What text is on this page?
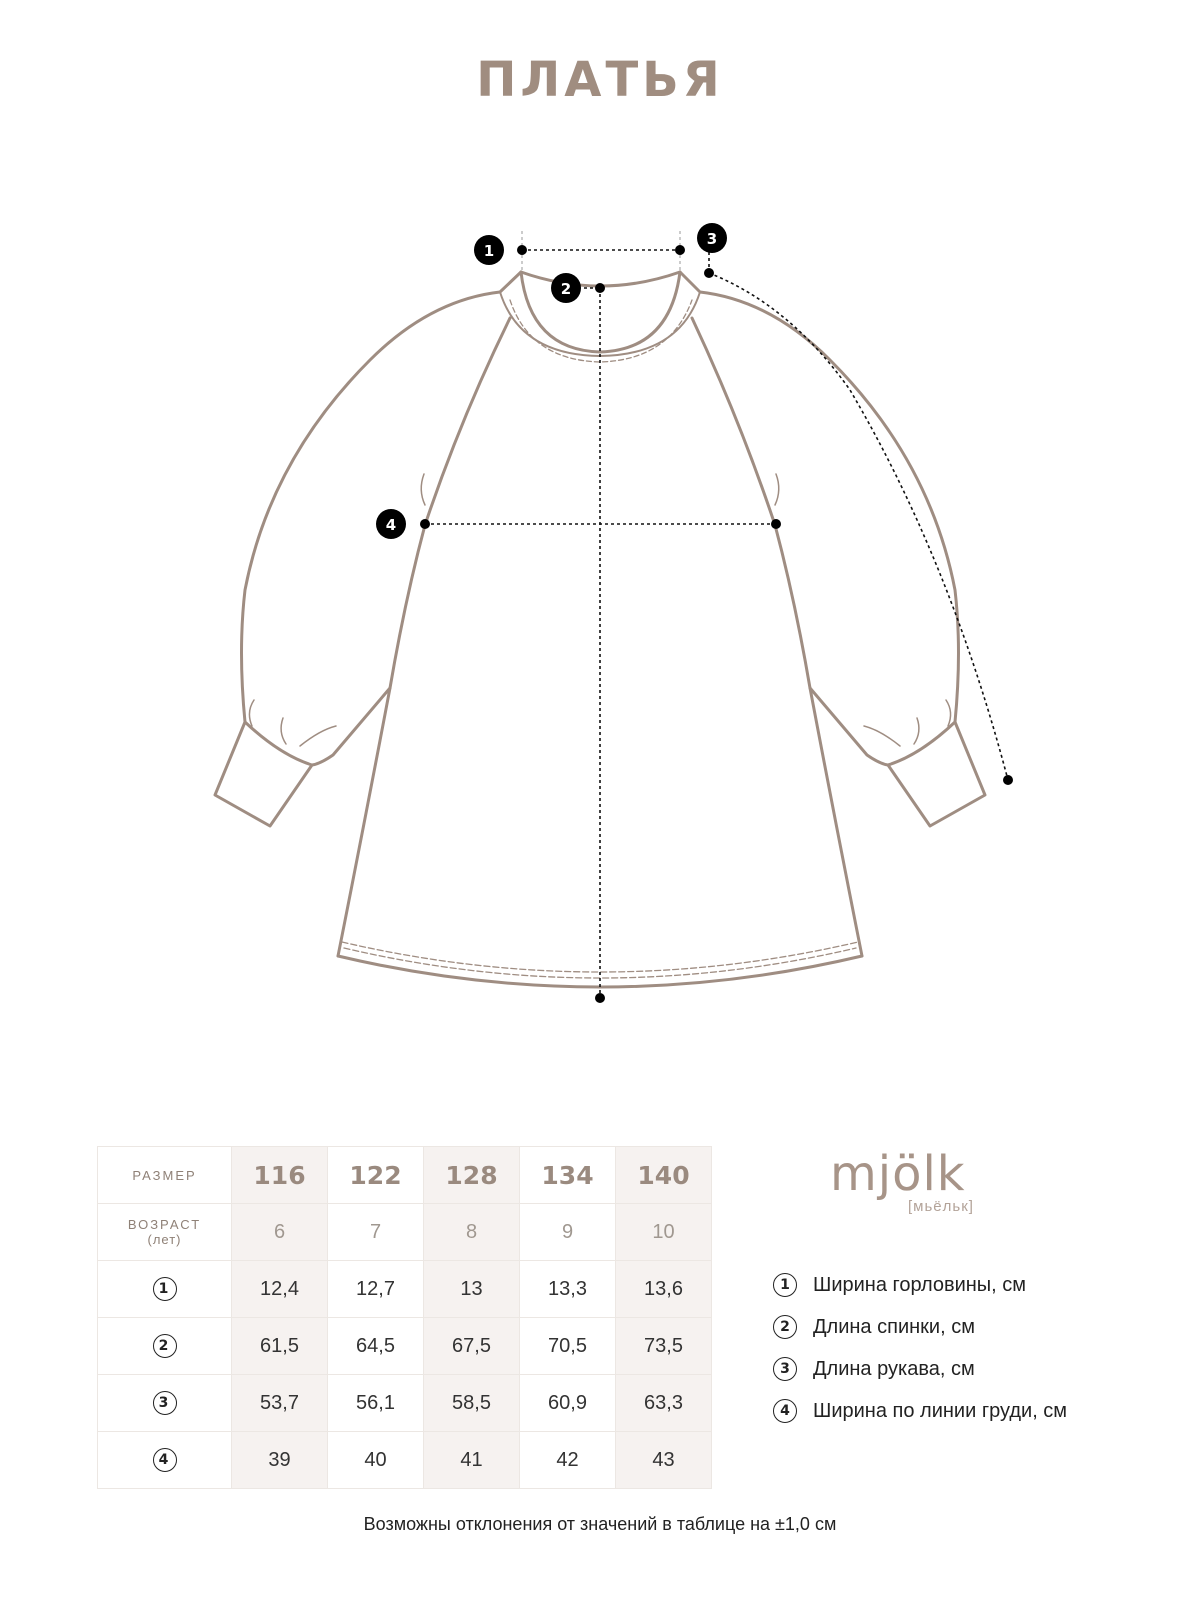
ПЛАТЬЯ
1
2
3
4
РАЗМЕР	116	122	128	134	140
ВОЗРАСТ
(лет)	6	7	8	9	10
1	12,4	12,7	13	13,3	13,6
2	61,5	64,5	67,5	70,5	73,5
3	53,7	56,1	58,5	60,9	63,3
4	39	40	41	42	43
mjölk
[мьёльк]
1	Ширина горловины, см
2	Длина спинки, см
3	Длина рукава, см
4	Ширина по линии груди, см
Возможны отклонения от значений в таблице на ±1,0 см
